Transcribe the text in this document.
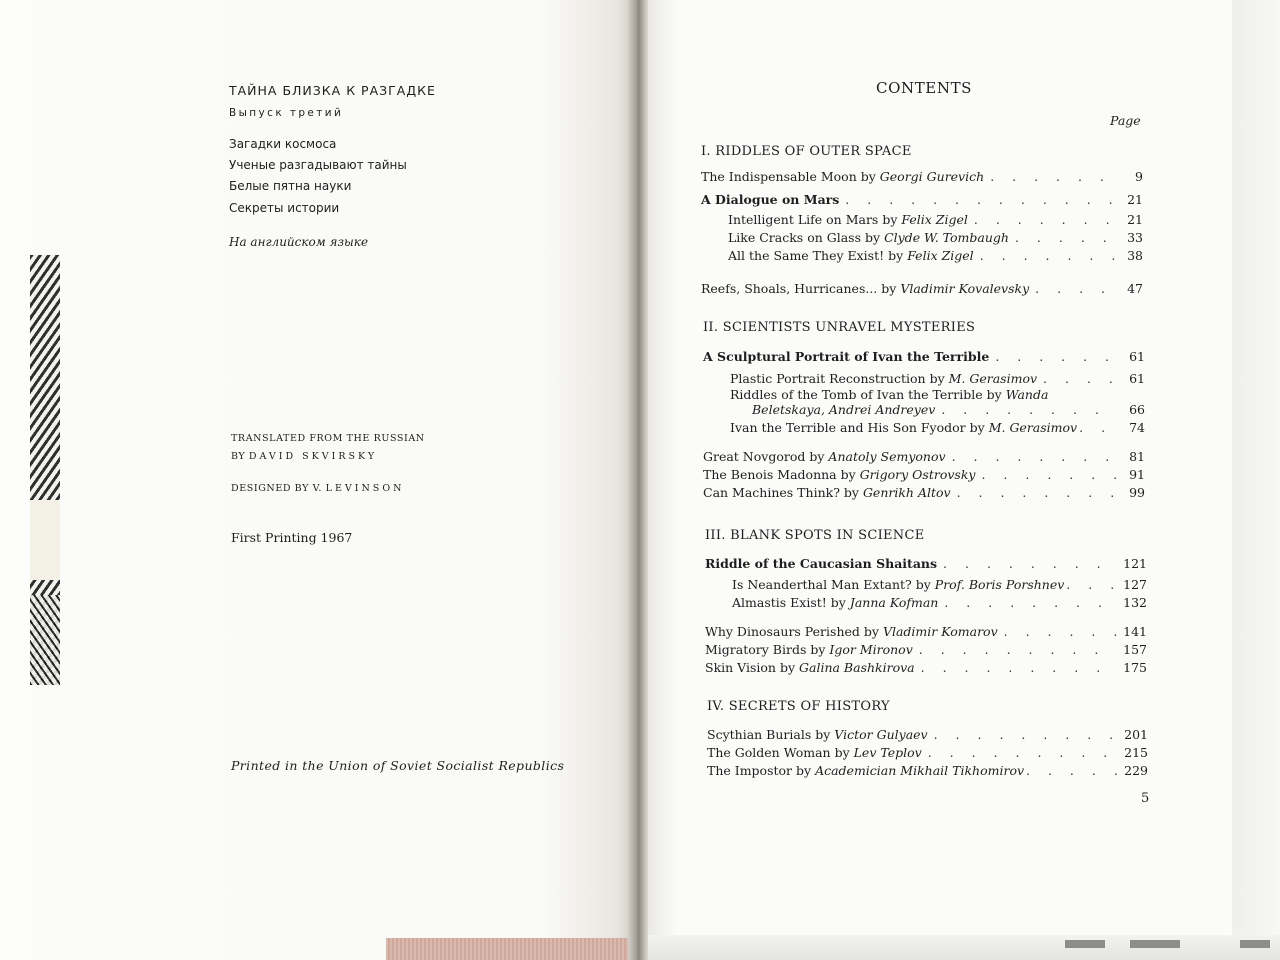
ТАЙНА БЛИЗКА К РАЗГАДКЕ
Выпуск третий
Загадки космоса
Ученые разгадывают тайны
Белые пятна науки
Секреты истории
На английском языке
TRANSLATED FROM THE RUSSIAN
BY DAVID SKVIRSKY
DESIGNED BY V. LEVINSON
First Printing 1967
Printed in the Union of Soviet Socialist Republics
CONTENTS
Page
I. RIDDLES OF OUTER SPACE
The Indispensable Moon by Georgi Gurevich . . .	9
A Dialogue on Mars . . .	21
Intelligent Life on Mars by Felix Zigel . . .	21
Like Cracks on Glass by Clyde W. Tombaugh . . .	33
All the Same They Exist! by Felix Zigel . . .	38
Reefs, Shoals, Hurricanes... by Vladimir Kovalevsky . . .	47
II. SCIENTISTS UNRAVEL MYSTERIES
A Sculptural Portrait of Ivan the Terrible . . .	61
Plastic Portrait Reconstruction by M. Gerasimov . . .	61
Riddles of the Tomb of Ivan the Terrible by Wanda
Beletskaya, Andrei Andreyev . . .	66
Ivan the Terrible and His Son Fyodor by M. Gerasimov . . .	74
Great Novgorod by Anatoly Semyonov . . .	81
The Benois Madonna by Grigory Ostrovsky . . .	91
Can Machines Think? by Genrikh Altov . . .	99
III. BLANK SPOTS IN SCIENCE
Riddle of the Caucasian Shaitans . . .	121
Is Neanderthal Man Extant? by Prof. Boris Porshnev . . .	127
Almastis Exist! by Janna Kofman . . .	132
Why Dinosaurs Perished by Vladimir Komarov . . .	141
Migratory Birds by Igor Mironov . . .	157
Skin Vision by Galina Bashkirova . . .	175
IV. SECRETS OF HISTORY
Scythian Burials by Victor Gulyaev . . .	201
The Golden Woman by Lev Teplov . . .	215
The Impostor by Academician Mikhail Tikhomirov . . .	229
5
